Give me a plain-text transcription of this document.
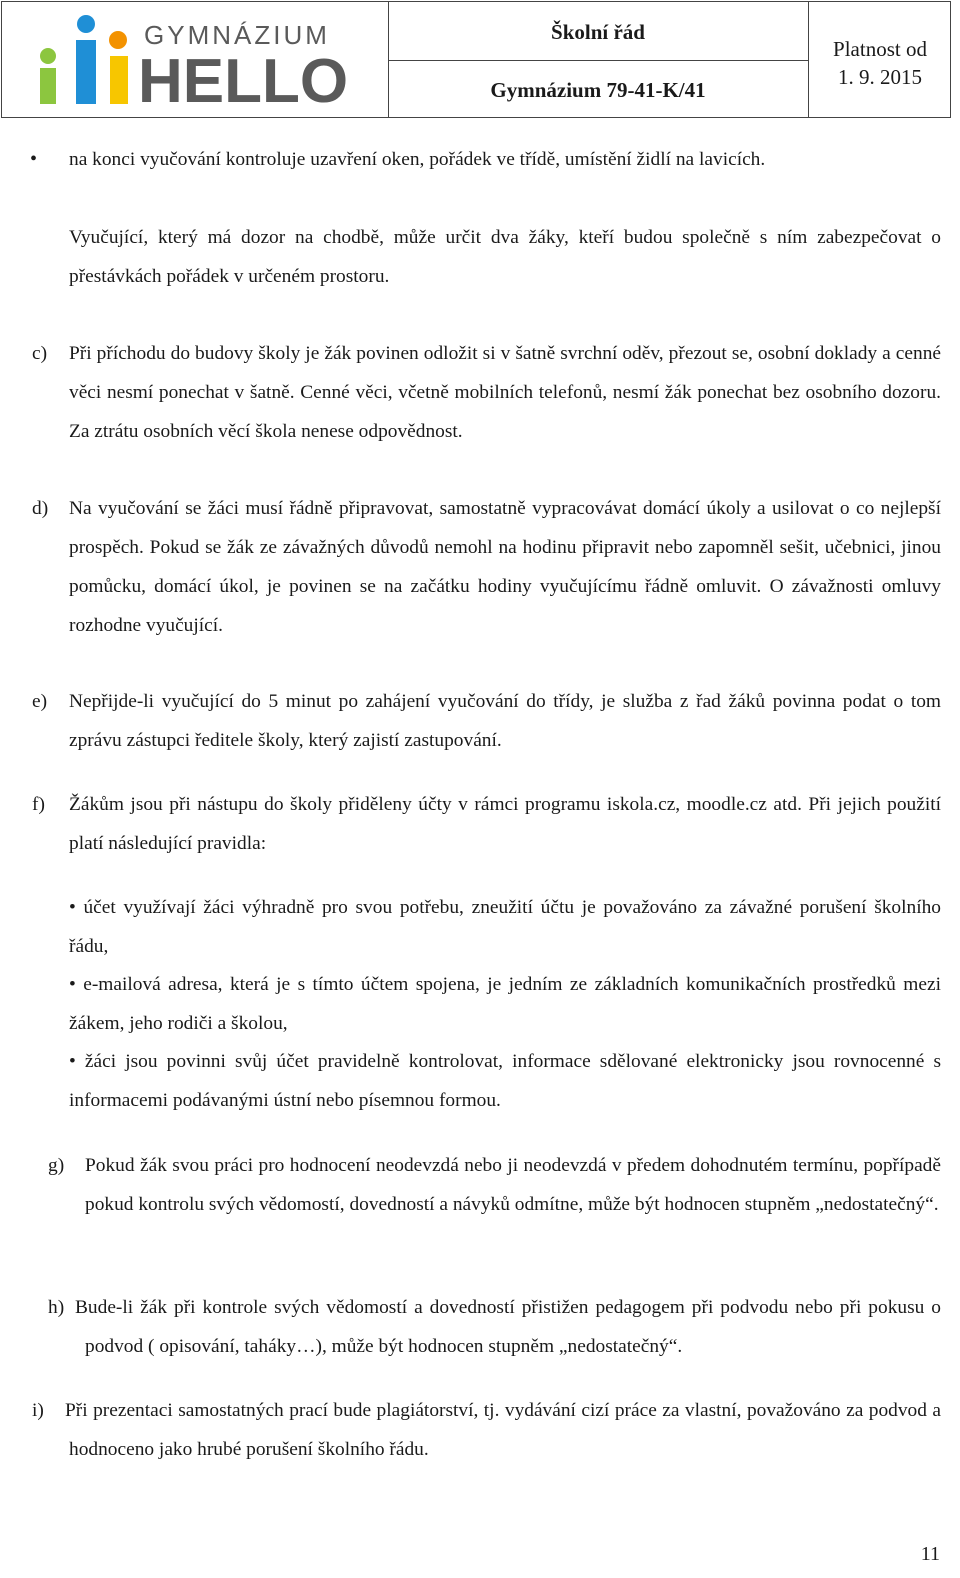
GYMNÁZIUM
HELLO
Školní řád
Gymnázium 79-41-K/41
Platnost od
1. 9. 2015
• na konci vyučování kontroluje uzavření oken, pořádek ve třídě, umístění židlí na lavicích.
Vyučující, který má dozor na chodbě, může určit dva žáky, kteří budou společně s ním zabezpečovat o přestávkách pořádek v určeném prostoru.
c) Při příchodu do budovy školy je žák povinen odložit si v šatně svrchní oděv, přezout se, osobní doklady a cenné věci nesmí ponechat v šatně. Cenné věci, včetně mobilních telefonů, nesmí žák ponechat bez osobního dozoru. Za ztrátu osobních věcí škola nenese odpovědnost.
d) Na vyučování se žáci musí řádně připravovat, samostatně vypracovávat domácí úkoly a usilovat o co nejlepší prospěch. Pokud se žák ze závažných důvodů nemohl na hodinu připravit nebo zapomněl sešit, učebnici, jinou pomůcku, domácí úkol, je povinen se na začátku hodiny vyučujícímu řádně omluvit. O závažnosti omluvy rozhodne vyučující.
e) Nepřijde-li vyučující do 5 minut po zahájení vyučování do třídy, je služba z řad žáků povinna podat o tom zprávu zástupci ředitele školy, který zajistí zastupování.
f) Žákům jsou při nástupu do školy přiděleny účty v rámci programu iskola.cz, moodle.cz atd. Při jejich použití platí následující pravidla:
• účet využívají žáci výhradně pro svou potřebu, zneužití účtu je považováno za závažné porušení školního řádu,
• e-mailová adresa, která je s tímto účtem spojena, je jedním ze základních komunikačních prostředků mezi žákem, jeho rodiči a školou,
• žáci jsou povinni svůj účet pravidelně kontrolovat, informace sdělované elektronicky jsou rovnocenné s informacemi podávanými ústní nebo písemnou formou.
g) Pokud žák svou práci pro hodnocení neodevzdá nebo ji neodevzdá v předem dohodnutém termínu, popřípadě pokud kontrolu svých vědomostí, dovedností a návyků odmítne, může být hodnocen stupněm „nedostatečný“.
h) Bude-li žák při kontrole svých vědomostí a dovedností přistižen pedagogem při podvodu nebo při pokusu o podvod ( opisování, taháky…), může být hodnocen stupněm „nedostatečný“.
i) Při prezentaci samostatných prací bude plagiátorství, tj. vydávání cizí práce za vlastní, považováno za podvod a hodnoceno jako hrubé porušení školního řádu.
11
